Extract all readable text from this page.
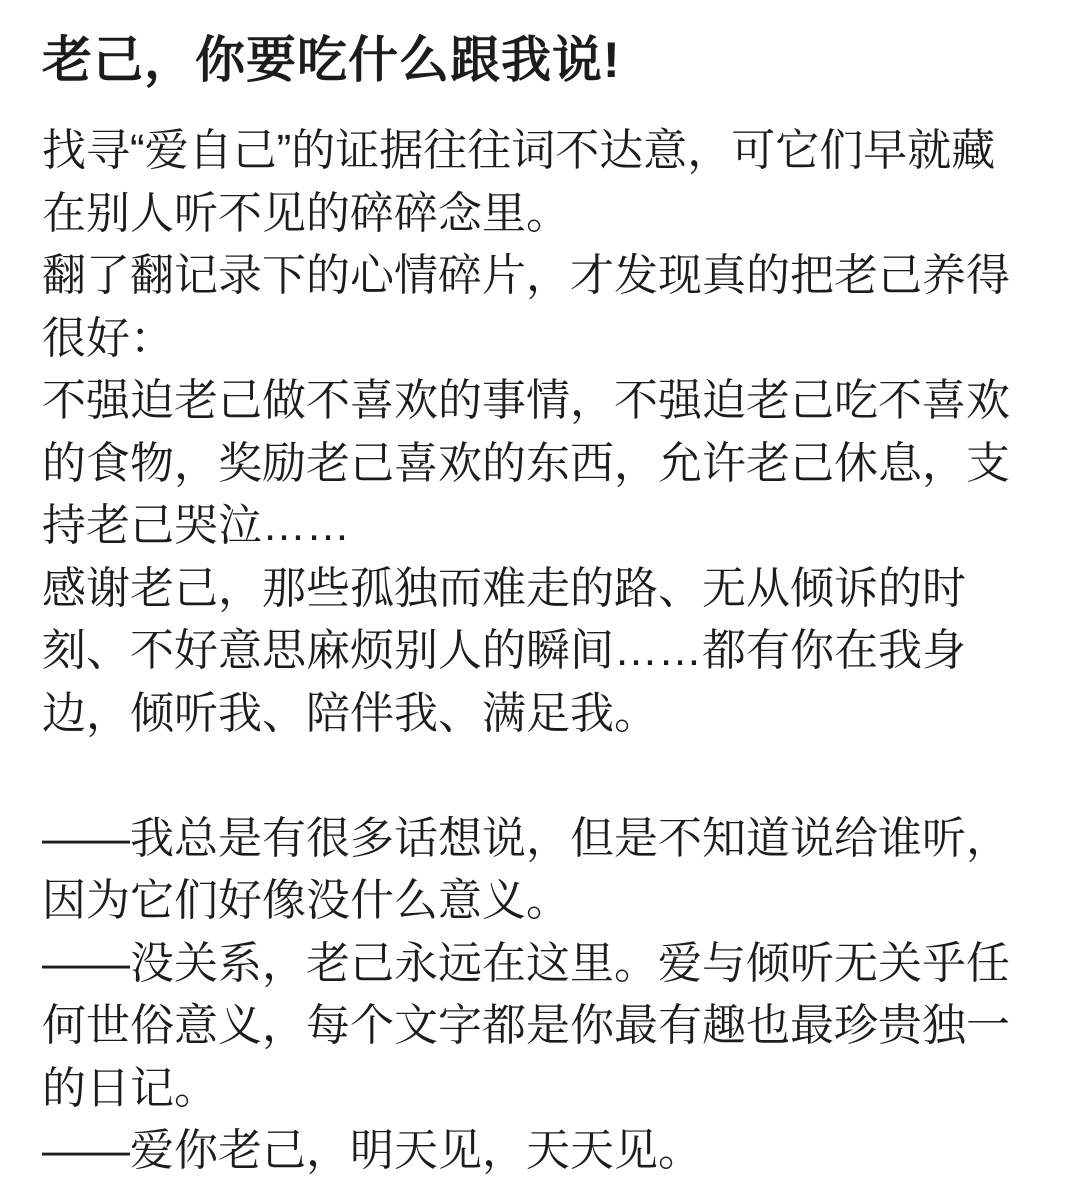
老己，你要吃什么跟我说!

找寻“爱自己”的证据往往词不达意，可它们早就藏在别人听不见的碎碎念里。

翻了翻记录下的心情碎片，才发现真的把老己养得很好：

不强迫老己做不喜欢的事情，不强迫老己吃不喜欢的食物，奖励老己喜欢的东西，允许老己休息，支持老己哭泣……

感谢老己，那些孤独而难走的路、无从倾诉的时刻、不好意思麻烦别人的瞬间……都有你在我身边，倾听我、陪伴我、满足我。

——我总是有很多话想说，但是不知道说给谁听，因为它们好像没什么意义。

——没关系，老己永远在这里。爱与倾听无关乎任何世俗意义，每个文字都是你最有趣也最珍贵独一的日记。

——爱你老己，明天见，天天见。
